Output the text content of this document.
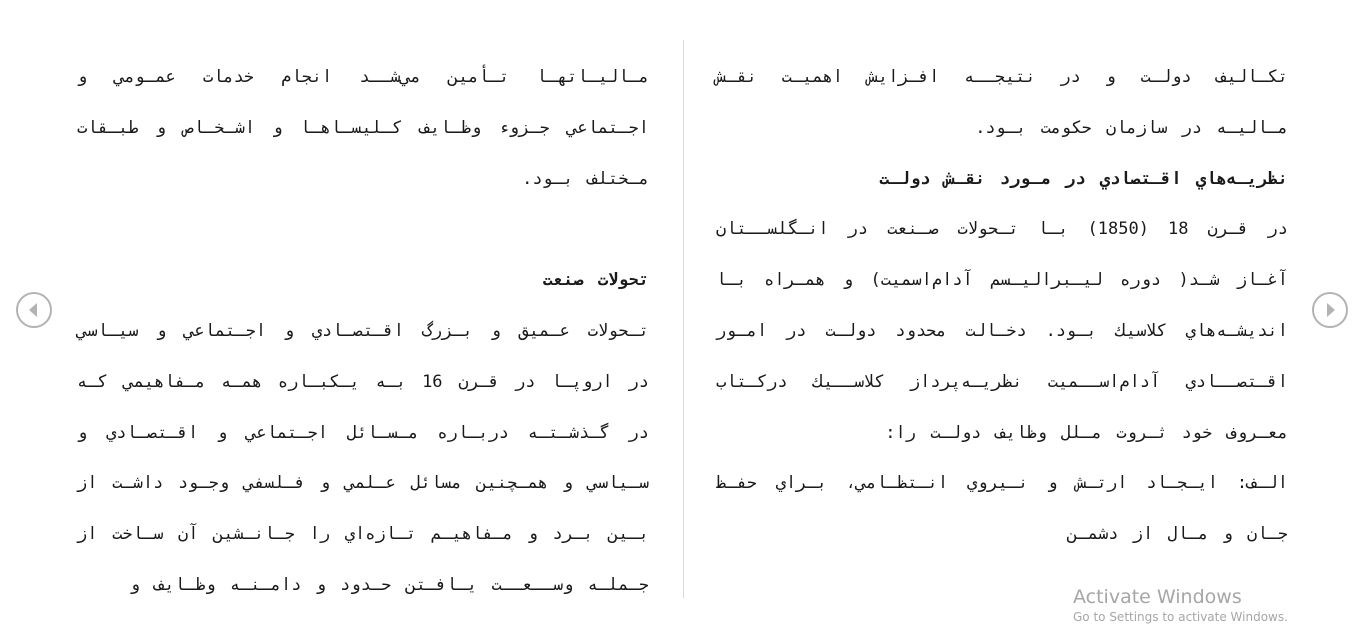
تكـاليف دولـت و در نتيجــه افـزايش اهميـت نقـش مـاليـه در سازمان حكومت بـود.

نظريـه‌هاي اقـتصادي در مـورد نقـش دولـت

در قـرن 18 (1850) بـا تـحولات صـنعت در انـگلســتان آغـاز شـد( دوره ليـبراليـسم آدام‌اسميت) و همـراه بـا انديشـه‌هاي كلاسيك بـود. دخـالت محدود دولـت در امـور اقـتصــادي آدام‌اســميت نظريـه‌پرداز كلاســيك دركـتاب معـروف خود ثـروت مـلل وظايف دولـت را:

الـف: ايـجـاد ارتـش و نـيروي انـتظـامي، بـراي حفـظ جـان و مـال از دشمـن

مـاليـاتهـا تـأمين مي‌شــد انجام خدمات عمـومي و اجـتماعي جـزوء وظـايف كـليسـاهـا و اشـخـاص و طبـقات مـختلف بـود.

تحولات صنعت

تـحولات عـميق و بـزرگ اقـتصـادي و اجـتماعي و سيـاسي در اروپـا در قـرن 16 بـه يـكبـاره همـه مـفاهيمي كـه در گـذشـتـه دربـاره مـسـائل اجـتماعي و اقـتصـادي و سـياسي و همـچنين مسائل عـلمي و فـلسفي وجـود داشـت از بـين بـرد و مـفاهيـم تـازه‌اي را جـانـشين آن سـاخت از جـملـه وســعــت يـافـتن حـدود و دامـنـه وظـايف و

Activate Windows
Go to Settings to activate Windows.
